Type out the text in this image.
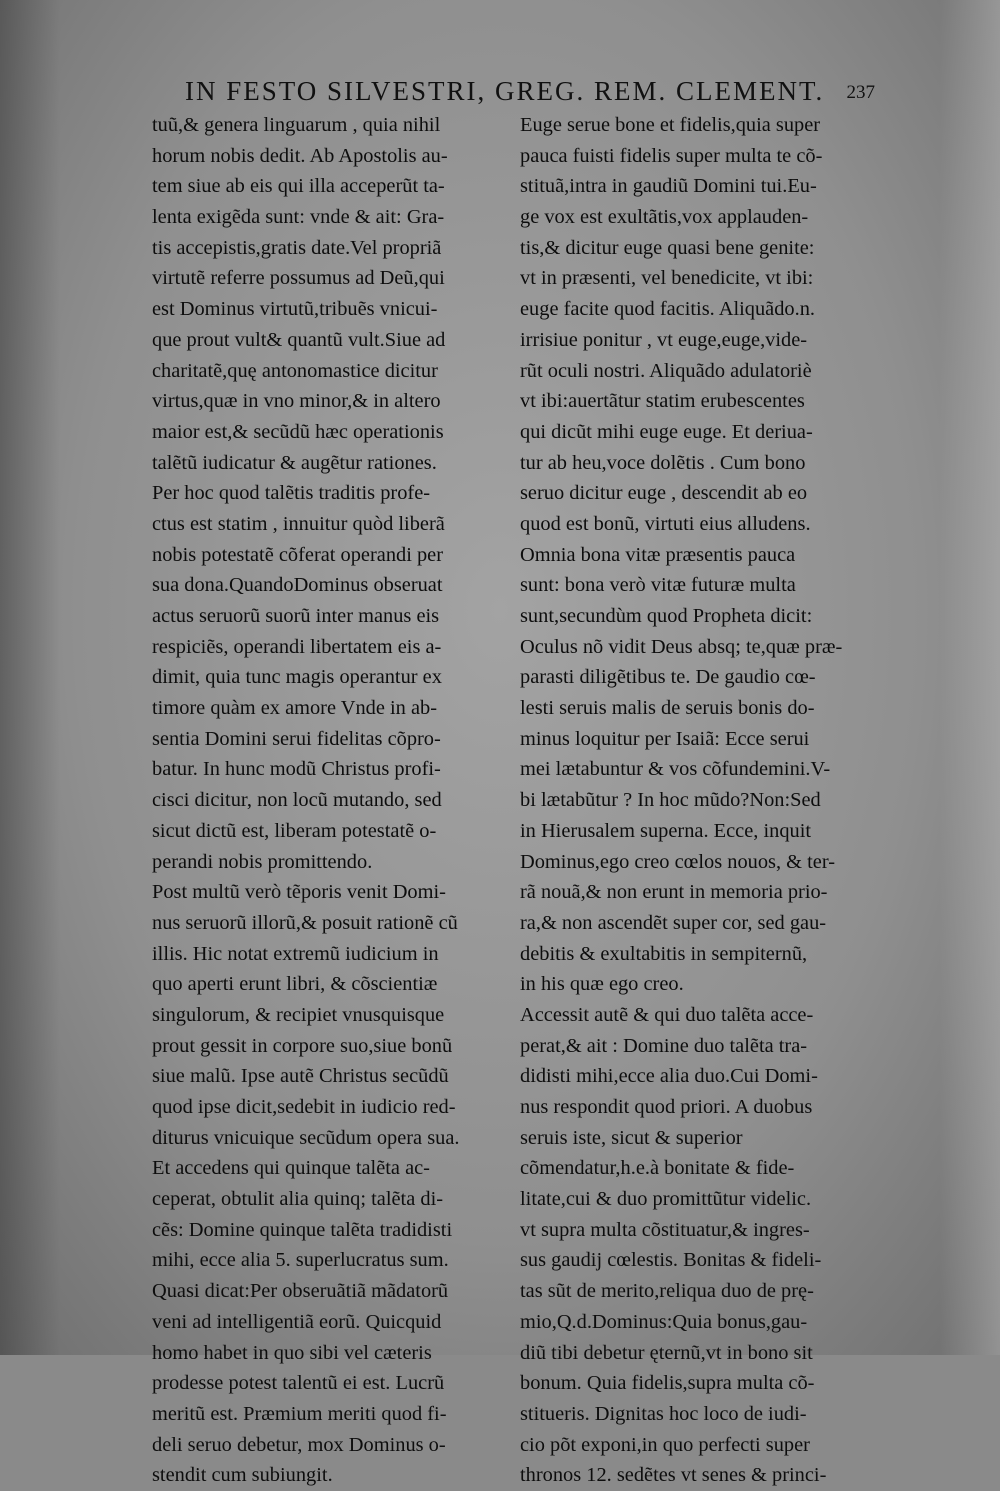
IN FESTO SILVESTRI, GREG. REM. CLEMENT. 237
tuũ,& genera linguarum , quia nihil
horum nobis dedit. Ab Apostolis au-
tem siue ab eis qui illa acceperũt ta-
lenta exigẽda sunt: vnde & ait: Gra-
tis accepistis,gratis date.Vel propriã
virtutẽ referre possumus ad Deũ,qui
est Dominus virtutũ,tribuẽs vnicui-
que prout vult& quantũ vult.Siue ad
charitatẽ,quę antonomastice dicitur
virtus,quæ in vno minor,& in altero
maior est,& secũdũ hæc operationis
talẽtũ iudicatur & augẽtur rationes.
Per hoc quod talẽtis traditis profe-
ctus est statim , innuitur quòd liberã
nobis potestatẽ cõferat operandi per
sua dona.QuandoDominus obseruat
actus seruorũ suorũ inter manus eis
respiciẽs, operandi libertatem eis a-
dimit, quia tunc magis operantur ex
timore quàm ex amore Vnde in ab-
sentia Domini serui fidelitas cõpro-
batur. In hunc modũ Christus profi-
cisci dicitur, non locũ mutando, sed
sicut dictũ est, liberam potestatẽ o-
perandi nobis promittendo.
Post multũ verò tẽporis venit Domi-
nus seruorũ illorũ,& posuit rationẽ cũ
illis. Hic notat extremũ iudicium in
quo aperti erunt libri, & cõscientiæ
singulorum, & recipiet vnusquisque
prout gessit in corpore suo,siue bonũ
siue malũ. Ipse autẽ Christus secũdũ
quod ipse dicit,sedebit in iudicio red-
diturus vnicuique secũdum opera sua.
Et accedens qui quinque talẽta ac-
ceperat, obtulit alia quinq; talẽta di-
cẽs: Domine quinque talẽta tradidisti
mihi, ecce alia 5. superlucratus sum.
Quasi dicat:Per obseruãtiã mãdatorũ
veni ad intelligentiã eorũ. Quicquid
homo habet in quo sibi vel cæteris
prodesse potest talentũ ei est. Lucrũ
meritũ est. Præmium meriti quod fi-
deli seruo debetur, mox Dominus o-
stendit cum subiungit.
Euge serue bone et fidelis,quia super
pauca fuisti fidelis super multa te cõ-
stituã,intra in gaudiũ Domini tui.Eu-
ge vox est exultãtis,vox applauden-
tis,& dicitur euge quasi bene genite:
vt in præsenti, vel benedicite, vt ibi:
euge facite quod facitis. Aliquãdo.n.
irrisiue ponitur , vt euge,euge,vide-
rũt oculi nostri. Aliquãdo adulatoriè
vt ibi:auertãtur statim erubescentes
qui dicũt mihi euge euge. Et deriua-
tur ab heu,voce dolẽtis . Cum bono
seruo dicitur euge , descendit ab eo
quod est bonũ, virtuti eius alludens.
Omnia bona vitæ præsentis pauca
sunt: bona verò vitæ futuræ multa
sunt,secundùm quod Propheta dicit:
Oculus nõ vidit Deus absq; te,quæ præ-
parasti diligẽtibus te. De gaudio cœ-
lesti seruis malis de seruis bonis do-
minus loquitur per Isaiã: Ecce serui
mei lætabuntur & vos cõfundemini.V-
bi lætabũtur ? In hoc mũdo?Non:Sed
in Hierusalem superna. Ecce, inquit
Dominus,ego creo cœlos nouos, & ter-
rã nouã,& non erunt in memoria prio-
ra,& non ascendẽt super cor, sed gau-
debitis & exultabitis in sempiternũ,
in his quæ ego creo.
Accessit autẽ & qui duo talẽta acce-
perat,& ait : Domine duo talẽta tra-
didisti mihi,ecce alia duo.Cui Domi-
nus respondit quod priori. A duobus
seruis iste, sicut & superior
cõmendatur,h.e.à bonitate & fide-
litate,cui & duo promittũtur videlic.
vt supra multa cõstituatur,& ingres-
sus gaudij cœlestis. Bonitas & fideli-
tas sũt de merito,reliqua duo de prę-
mio,Q.d.Dominus:Quia bonus,gau-
diũ tibi debetur ęternũ,vt in bono sit
bonum. Quia fidelis,supra multa cõ-
stitueris. Dignitas hoc loco de iudi-
cio põt exponi,in quo perfecti super
thronos 12. sedẽtes vt senes & princi-
